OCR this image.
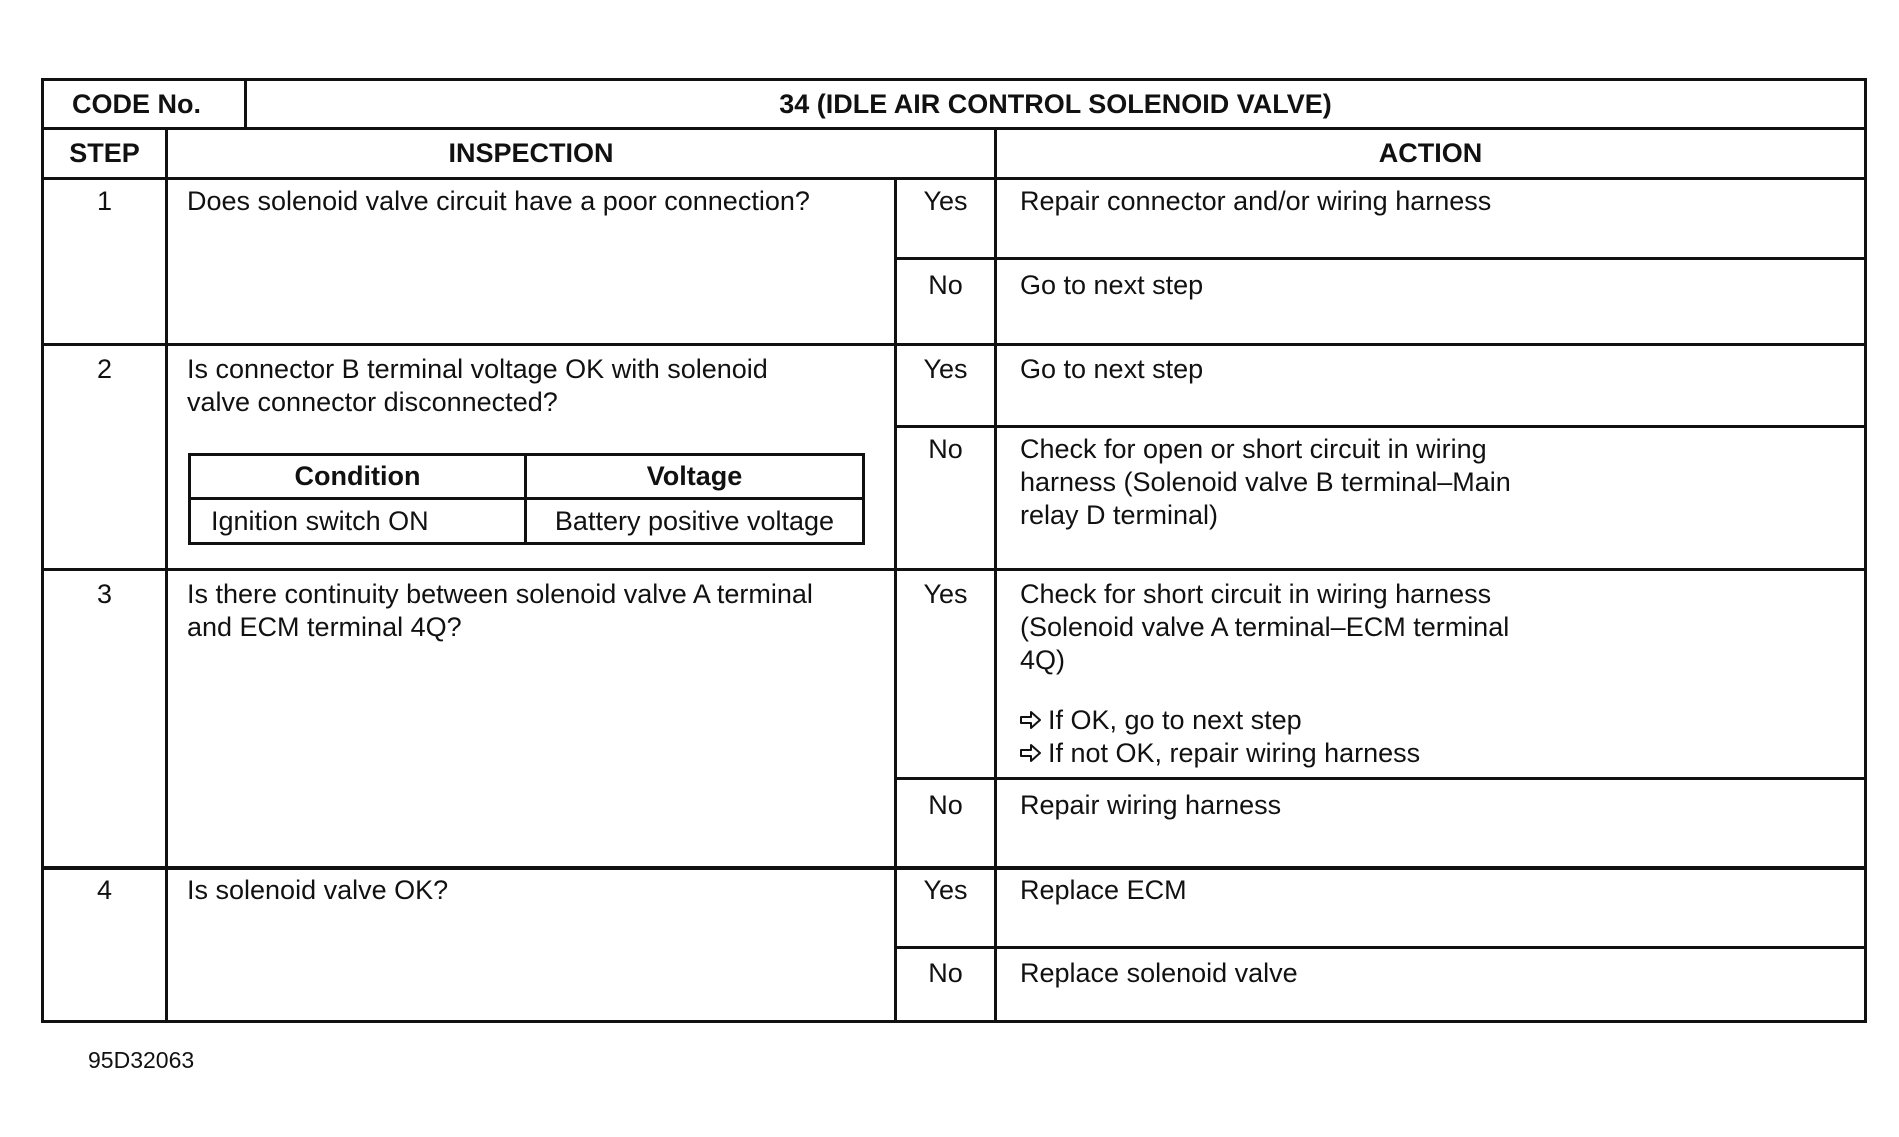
CODE No.	34 (IDLE AIR CONTROL SOLENOID VALVE)
STEP	INSPECTION	ACTION
1	Does solenoid valve circuit have a poor connection?	Yes	Repair connector and/or wiring harness
No	Go to next step
2	Is connector B terminal voltage OK with solenoid
valve connector disconnected?
Yes	Go to next step
No	Check for open or short circuit in wiring
harness (Solenoid valve B terminal–Main
relay D terminal)
Condition	Voltage
Ignition switch ON	Battery positive voltage
3	Is there continuity between solenoid valve A terminal
and ECM terminal 4Q?
Yes	Check for short circuit in wiring harness
(Solenoid valve A terminal–ECM terminal
4Q)
If OK, go to next step
If not OK, repair wiring harness
No	Repair wiring harness
4	Is solenoid valve OK?	Yes	Replace ECM
No	Replace solenoid valve
95D32063
